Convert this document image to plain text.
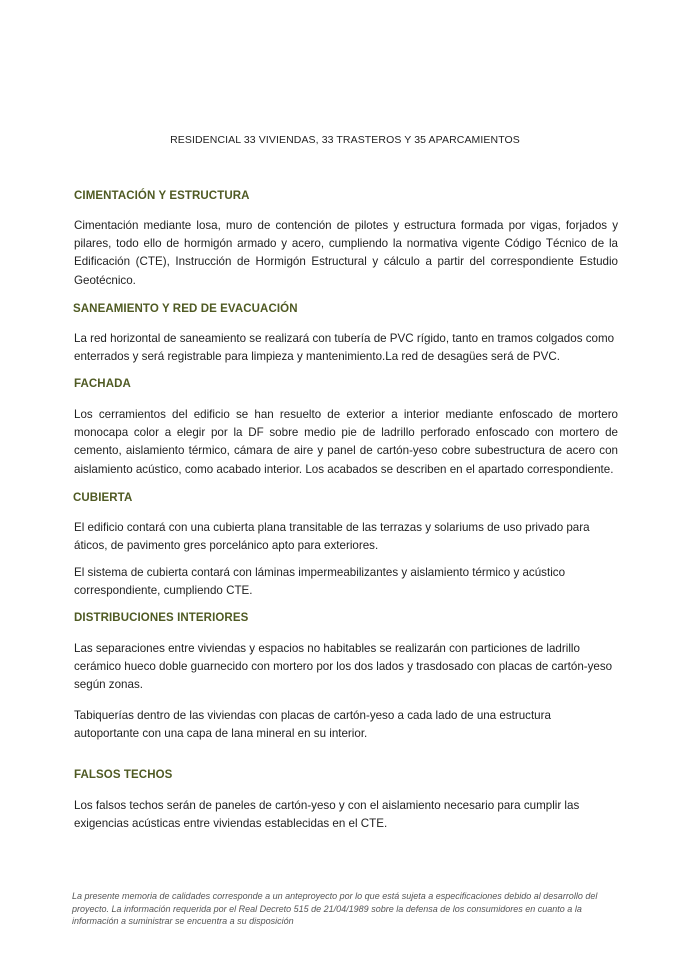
RESIDENCIAL 33 VIVIENDAS, 33 TRASTEROS Y 35 APARCAMIENTOS
CIMENTACIÓN Y ESTRUCTURA
Cimentación mediante losa, muro de contención de pilotes y estructura formada por vigas, forjados y pilares, todo ello de hormigón armado y acero, cumpliendo la normativa vigente Código Técnico de la Edificación (CTE), Instrucción de Hormigón Estructural y cálculo a partir del correspondiente Estudio Geotécnico.
SANEAMIENTO Y RED DE EVACUACIÓN
La red horizontal de saneamiento se realizará con tubería de PVC rígido, tanto en tramos colgados como enterrados y será registrable para limpieza y mantenimiento.La red de desagües será de PVC.
FACHADA
Los cerramientos del edificio se han resuelto de exterior a interior mediante enfoscado de mortero monocapa color a elegir por la DF sobre medio pie de ladrillo perforado enfoscado con mortero de cemento, aislamiento térmico, cámara de aire y panel de cartón-yeso cobre subestructura de acero con aislamiento acústico, como acabado interior. Los acabados se describen en el apartado correspondiente.
CUBIERTA
El edificio contará con una cubierta plana transitable de las terrazas y solariums de uso privado para áticos, de pavimento gres porcelánico apto para exteriores.
El sistema de cubierta contará con láminas impermeabilizantes y aislamiento térmico y acústico correspondiente, cumpliendo CTE.
DISTRIBUCIONES INTERIORES
Las separaciones entre viviendas y espacios no habitables se realizarán con particiones de ladrillo cerámico hueco doble guarnecido con mortero por los dos lados y trasdosado con placas de cartón-yeso según zonas.
Tabiquerías dentro de las viviendas con placas de cartón-yeso a cada lado de una estructura autoportante con una capa de lana mineral en su interior.
FALSOS TECHOS
Los falsos techos serán de paneles de cartón-yeso y con el aislamiento necesario para cumplir las exigencias acústicas entre viviendas establecidas en el CTE.
La presente memoria de calidades corresponde a un anteproyecto por lo que está sujeta a especificaciones debido al desarrollo del proyecto. La información requerida por el Real Decreto 515 de 21/04/1989 sobre la defensa de los consumidores en cuanto a la información a suministrar se encuentra a su disposición
